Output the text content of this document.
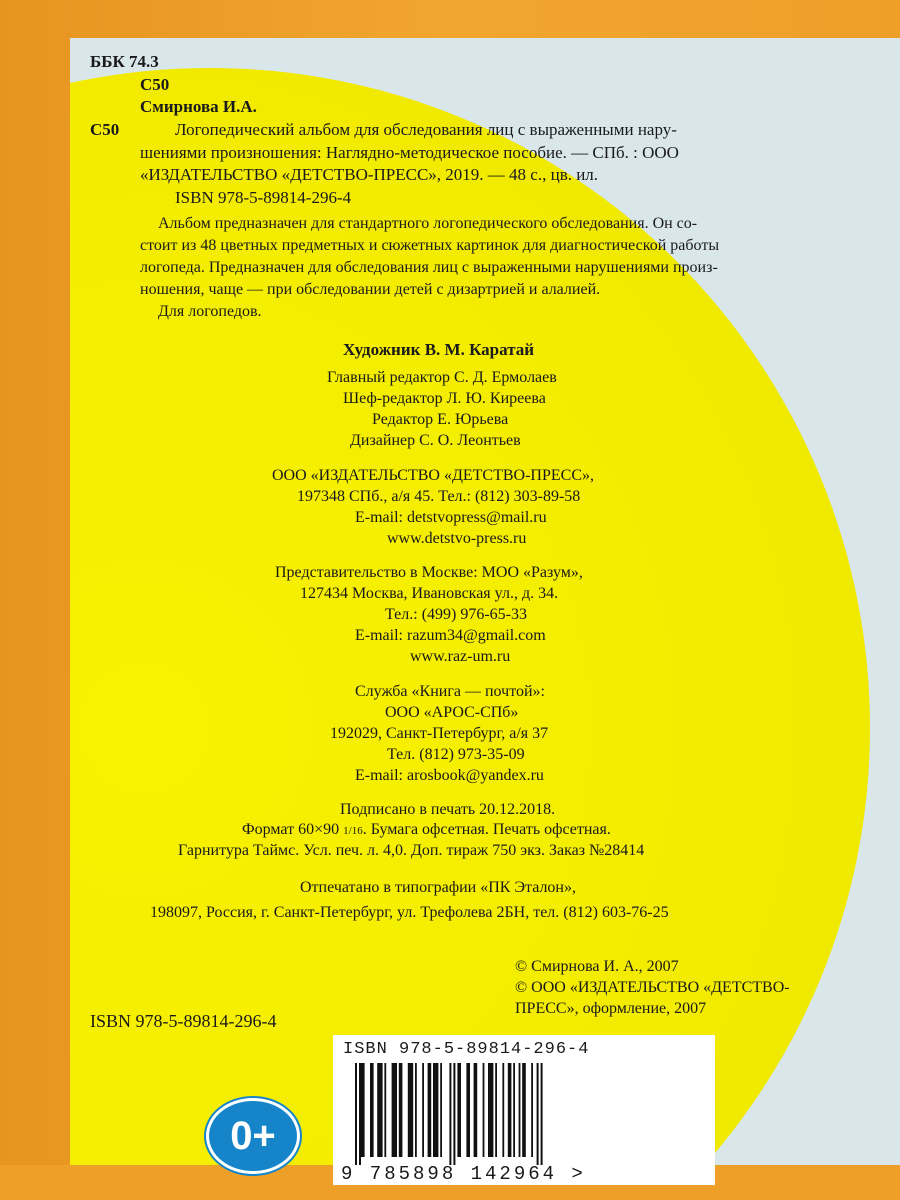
ББК 74.3
С50
Смирнова И.А.
С50	Логопедический альбом для обследования лиц с выраженными нару-
шениями произношения: Наглядно-методическое пособие. — СПб. : ООО
«ИЗДАТЕЛЬСТВО «ДЕТСТВО-ПРЕСС», 2019. — 48 с., цв. ил.
ISBN 978-5-89814-296-4
Альбом предназначен для стандартного логопедического обследования. Он со-
стоит из 48 цветных предметных и сюжетных картинок для диагностической работы
логопеда. Предназначен для обследования лиц с выраженными нарушениями произ-
ношения, чаще — при обследовании детей с дизартрией и алалией.
Для логопедов.
Художник В. М. Каратай
Главный редактор С. Д. Ермолаев
Шеф-редактор Л. Ю. Киреева
Редактор Е. Юрьева
Дизайнер С. О. Леонтьев
ООО «ИЗДАТЕЛЬСТВО «ДЕТСТВО-ПРЕСС»,
197348 СПб., а/я 45. Тел.: (812) 303-89-58
E-mail: detstvopress@mail.ru
www.detstvo-press.ru
Представительство в Москве: МОО «Разум»,
127434 Москва, Ивановская ул., д. 34.
Тел.: (499) 976-65-33
E-mail: razum34@gmail.com
www.raz-um.ru
Служба «Книга — почтой»:
ООО «АРОС-СПб»
192029, Санкт-Петербург, а/я 37
Тел. (812) 973-35-09
E-mail: arosbook@yandex.ru
Подписано в печать 20.12.2018.
Формат 60×90 1/16. Бумага офсетная. Печать офсетная.
Гарнитура Таймс. Усл. печ. л. 4,0. Доп. тираж 750 экз. Заказ №28414
Отпечатано в типографии «ПК Эталон»,
198097, Россия, г. Санкт-Петербург, ул. Трефолева 2БН, тел. (812) 603-76-25
© Смирнова И. А., 2007
© ООО «ИЗДАТЕЛЬСТВО «ДЕТСТВО-
ПРЕСС», оформление, 2007
ISBN 978-5-89814-296-4
ISBN 978-5-89814-296-4
9 785898 142964 >
0+
